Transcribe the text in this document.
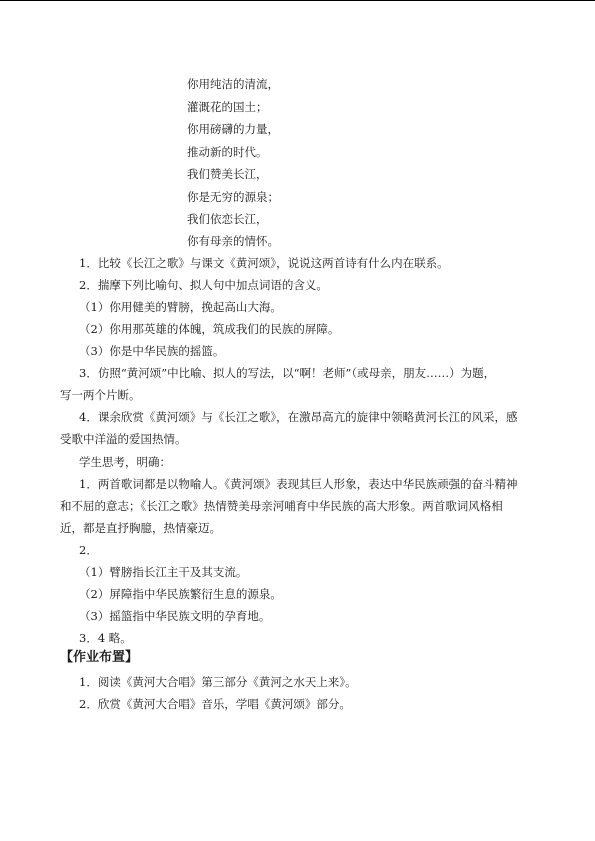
你用纯洁的清流，
灌溉花的国土；
你用磅礴的力量，
推动新的时代。
我们赞美长江，
你是无穷的源泉；
我们依恋长江，
你有母亲的情怀。
1．比较《长江之歌》与课文《黄河颂》，说说这两首诗有什么内在联系。
2．揣摩下列比喻句、拟人句中加点词语的含义。
（1）你用健美的臂膀，挽起高山大海。
（2）你用那英雄的体魄，筑成我们的民族的屏障。
（3）你是中华民族的摇篮。
3．仿照“黄河颂”中比喻、拟人的写法，以“啊！老师”（或母亲，朋友……）为题，
写一两个片断。
4．课余欣赏《黄河颂》与《长江之歌》，在激昂高亢的旋律中领略黄河长江的风采，感
受歌中洋溢的爱国热情。
学生思考，明确：
1．两首歌词都是以物喻人。《黄河颂》表现其巨人形象，表达中华民族顽强的奋斗精神
和不屈的意志；《长江之歌》热情赞美母亲河哺育中华民族的高大形象。两首歌词风格相
近，都是直抒胸臆，热情豪迈。
2．
（1）臂膀指长江主干及其支流。
（2）屏障指中华民族繁衍生息的源泉。
（3）摇篮指中华民族文明的孕育地。
3．4 略。
【作业布置】
1．阅读《黄河大合唱》第三部分《黄河之水天上来》。
2．欣赏《黄河大合唱》音乐，学唱《黄河颂》部分。
